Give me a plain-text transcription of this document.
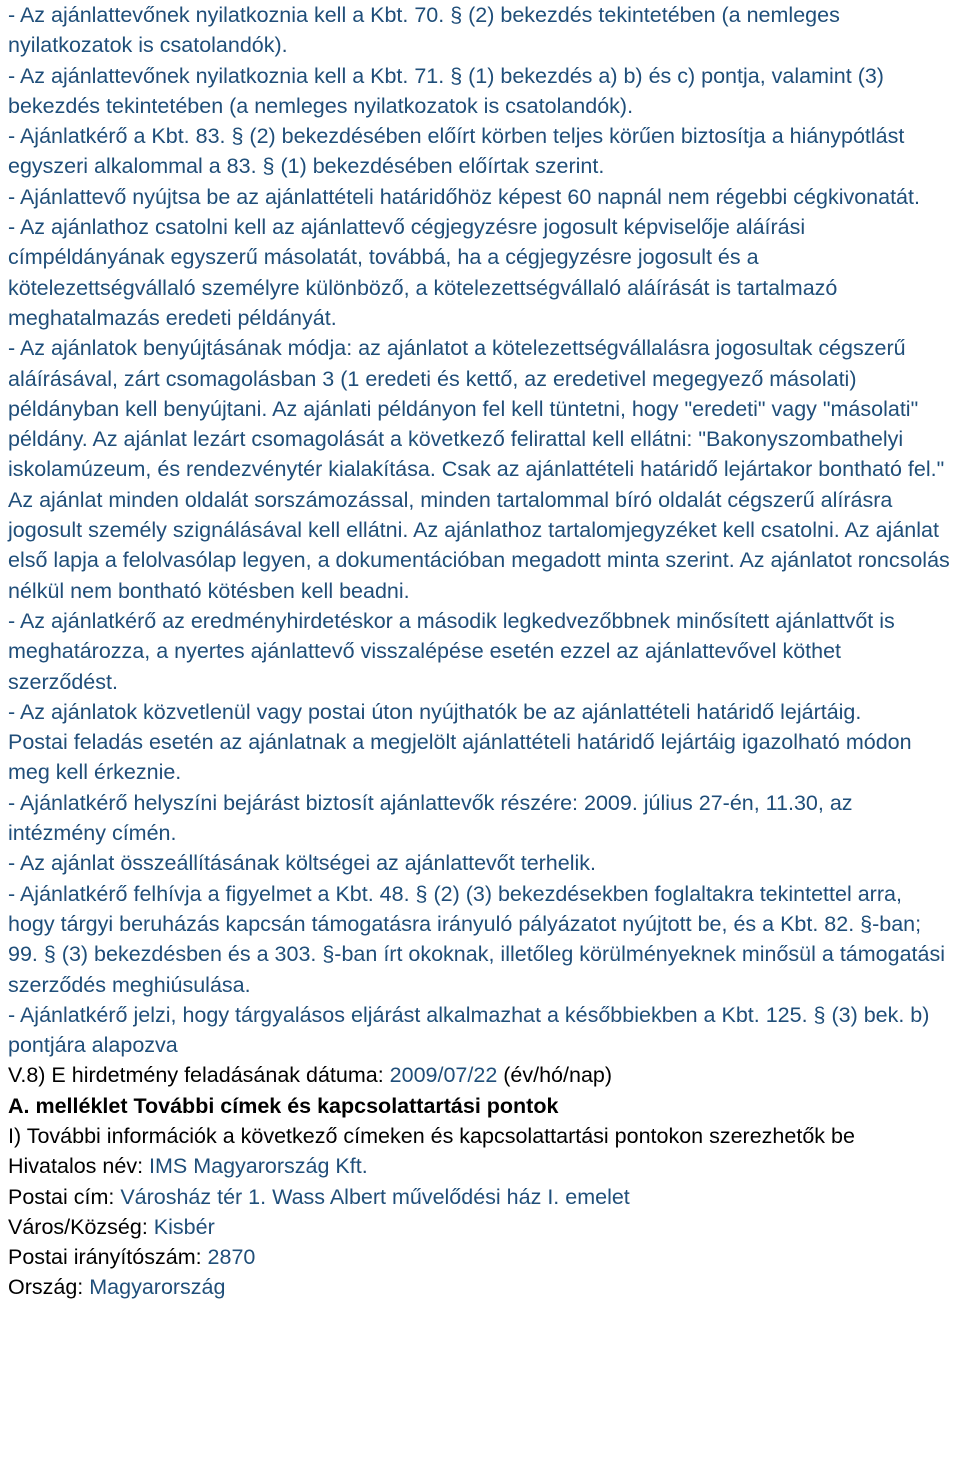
- Az ajánlattevőnek nyilatkoznia kell a Kbt. 70. § (2) bekezdés tekintetében (a nemleges nyilatkozatok is csatolandók).
- Az ajánlattevőnek nyilatkoznia kell a Kbt. 71. § (1) bekezdés a) b) és c) pontja, valamint (3) bekezdés tekintetében (a nemleges nyilatkozatok is csatolandók).
- Ajánlatkérő a Kbt. 83. § (2) bekezdésében előírt körben teljes körűen biztosítja a hiánypótlást egyszeri alkalommal a 83. § (1) bekezdésében előírtak szerint.
- Ajánlattevő nyújtsa be az ajánlattételi határidőhöz képest 60 napnál nem régebbi cégkivonatát.
- Az ajánlathoz csatolni kell az ajánlattevő cégjegyzésre jogosult képviselője aláírási címpéldányának egyszerű másolatát, továbbá, ha a cégjegyzésre jogosult és a kötelezettségvállaló személyre különböző, a kötelezettségvállaló aláírását is tartalmazó meghatalmazás eredeti példányát.
- Az ajánlatok benyújtásának módja: az ajánlatot a kötelezettségvállalásra jogosultak cégszerű aláírásával, zárt csomagolásban 3 (1 eredeti és kettő, az eredetivel megegyező másolati) példányban kell benyújtani. Az ajánlati példányon fel kell tüntetni, hogy "eredeti" vagy "másolati" példány. Az ajánlat lezárt csomagolását a következő felirattal kell ellátni: "Bakonyszombathelyi iskolamúzeum, és rendezvénytér kialakítása. Csak az ajánlattételi határidő lejártakor bontható fel." Az ajánlat minden oldalát sorszámozással, minden tartalommal bíró oldalát cégszerű alírásra jogosult személy szignálásával kell ellátni. Az ajánlathoz tartalomjegyzéket kell csatolni. Az ajánlat első lapja a felolvasólap legyen, a dokumentációban megadott minta szerint. Az ajánlatot roncsolás nélkül nem bontható kötésben kell beadni.
- Az ajánlatkérő az eredményhirdetéskor a második legkedvezőbbnek minősített ajánlattvőt is meghatározza, a nyertes ajánlattevő visszalépése esetén ezzel az ajánlattevővel köthet szerződést.
- Az ajánlatok közvetlenül vagy postai úton nyújthatók be az ajánlattételi határidő lejártáig.
Postai feladás esetén az ajánlatnak a megjelölt ajánlattételi határidő lejártáig igazolható módon meg kell érkeznie.
- Ajánlatkérő helyszíni bejárást biztosít ajánlattevők részére: 2009. július 27-én, 11.30, az intézmény címén.
- Az ajánlat összeállításának költségei az ajánlattevőt terhelik.
- Ajánlatkérő felhívja a figyelmet a Kbt. 48. § (2) (3) bekezdésekben foglaltakra tekintettel arra, hogy tárgyi beruházás kapcsán támogatásra irányuló pályázatot nyújtott be, és a Kbt. 82. §-ban; 99. § (3) bekezdésben és a 303. §-ban írt okoknak, illetőleg körülményeknek minősül a támogatási szerződés meghiúsulása.
- Ajánlatkérő jelzi, hogy tárgyalásos eljárást alkalmazhat a későbbiekben a Kbt. 125. § (3) bek. b) pontjára alapozva
V.8) E hirdetmény feladásának dátuma: 2009/07/22 (év/hó/nap)
A. melléklet További címek és kapcsolattartási pontok
I) További információk a következő címeken és kapcsolattartási pontokon szerezhetők be
Hivatalos név: IMS Magyarország Kft.
Postai cím: Városház tér 1. Wass Albert művelődési ház I. emelet
Város/Község: Kisbér
Postai irányítószám: 2870
Ország: Magyarország
